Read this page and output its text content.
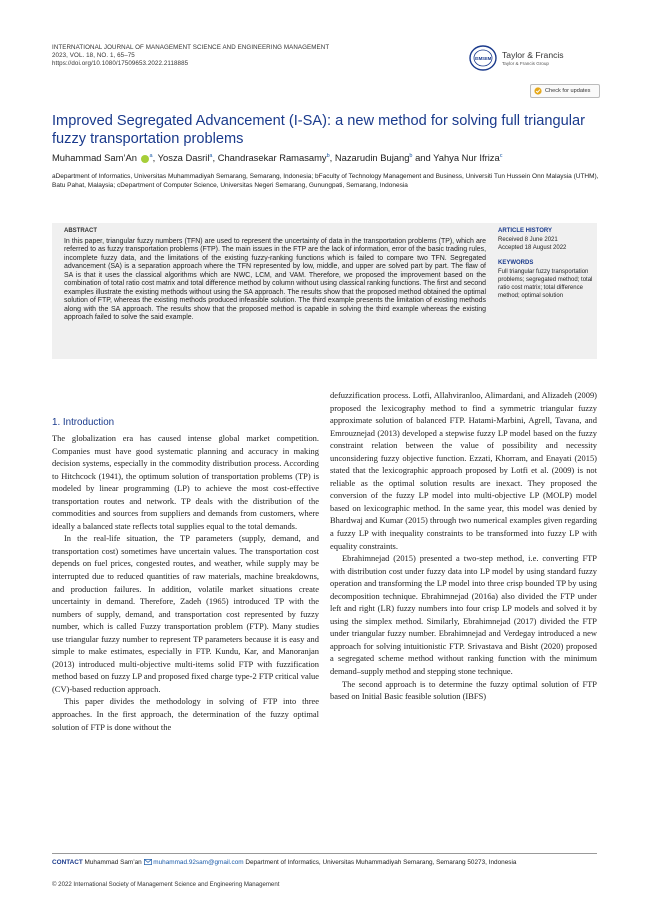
INTERNATIONAL JOURNAL OF MANAGEMENT SCIENCE AND ENGINEERING MANAGEMENT
2023, VOL. 18, NO. 1, 65–75
https://doi.org/10.1080/17509653.2022.2118885
ISMSEM Taylor & Francis
Taylor & Francis Group
Check for updates
Improved Segregated Advancement (I-SA): a new method for solving full triangular fuzzy transportation problems
Muhammad Sam’An $^a$, Yosza Dasril$^a$, Chandrasekar Ramasamy$^b$, Nazarudin Bujang$^b$ and Yahya Nur Ifriza$^c$
aDepartment of Informatics, Universitas Muhammadiyah Semarang, Semarang, Indonesia; bFaculty of Technology Management and Business, Universiti Tun Hussein Onn Malaysia (UTHM), Batu Pahat, Malaysia; cDepartment of Computer Science, Universitas Negeri Semarang, Gunungpati, Semarang, Indonesia
ABSTRACT
In this paper, triangular fuzzy numbers (TFN) are used to represent the uncertainty of data in the transportation problems (TP), which are referred to as fuzzy transportation problems (FTP). The main issues in the FTP are the lack of information, error of the basic trading rules, incomplete fuzzy data, and the limitations of the existing fuzzy-ranking functions which is failed to compare two TFN. Segregated advancement (SA) is a separation approach where the TFN represented by low, middle, and upper are solved part by part. The flaw of SA is that it uses the classical algorithms which are NWC, LCM, and VAM. Therefore, we proposed the improvement based on the combination of total ratio cost matrix and total difference method by column without using classical ranking functions. The first and second examples illustrate the existing methods without using the SA approach. The results show that the proposed method obtained the optimal solution of FTP, whereas the existing methods produced infeasible solution. The third example presents the limitation of existing methods along with the SA approach. The results show that the proposed method is capable in solving the third example whereas the existing approach failed to solve the said example.
ARTICLE HISTORY
Received 8 June 2021
Accepted 18 August 2022
KEYWORDS
Full triangular fuzzy transportation problems; segregated method; total ratio cost matrix; total difference method; optimal solution
1. Introduction

The globalization era has caused intense global market competition. Companies must have good systematic planning and accuracy in making decision systems, especially in the commodity distribution process. According to Hitchcock (1941), the optimum solution of transportation problems (TP) is modeled by linear programming (LP) to achieve the most cost-effective transportation routes and network. TP deals with the distribution of the commodities and sources from suppliers and demands from customers, where ideally a balanced state reflects total supplies equal to the total demands.

In the real-life situation, the TP parameters (supply, demand, and transportation cost) sometimes have uncertain values. The transportation cost depends on fuel prices, congested routes, and weather, while supply may be interrupted due to reduced quantities of raw materials, machine breakdowns, and production failures. In addition, volatile market situations create uncertainty in demand. Therefore, Zadeh (1965) introduced TP with the numbers of supply, demand, and transportation cost represented by fuzzy number, which is called Fuzzy transportation problem (FTP). Many studies use triangular fuzzy number to represent TP parameters because it is easy and simple to make estimates, especially in FTP. Kundu, Kar, and Manoranjan (2013) introduced multi-objective multi-items solid FTP with fuzzification method based on fuzzy LP and proposed fixed charge type-2 FTP critical value (CV)-based reduction approach.

This paper divides the methodology in solving of FTP into three approaches. In the first approach, the determination of the fuzzy optimal solution of FTP is done without the

defuzzification process. Lotfi, Allahviranloo, Alimardani, and Alizadeh (2009) proposed the lexicography method to find a symmetric triangular fuzzy approximate solution of balanced FTP. Hatami-Marbini, Agrell, Tavana, and Emrouznejad (2013) developed a stepwise fuzzy LP model based on the fuzzy constraint relation between the value of possibility and necessity unconsidering fuzzy objective function. Ezzati, Khorram, and Enayati (2015) stated that the lexicographic approach proposed by Lotfi et al. (2009) is not reliable as the optimal solution results are inexact. They proposed the conversion of the fuzzy LP model into multi-objective LP (MOLP) model based on lexicographic method. In the same year, this model was denied by Bhardwaj and Kumar (2015) through two numerical examples given regarding a fuzzy LP with inequality constraints to be transformed into fuzzy LP with equality constraints.

Ebrahimnejad (2015) presented a two-step method, i.e. converting FTP with distribution cost under fuzzy data into LP model by using standard fuzzy operation and transforming the LP model into three crisp bounded TP by using decomposition technique. Ebrahimnejad (2016a) also divided the FTP under left and right (LR) fuzzy numbers into four crisp LP models and solved it by using the simplex method. Similarly, Ebrahimnejad (2017) divided the FTP under triangular fuzzy number. Ebrahimnejad and Verdegay introduced a new approach for solving intuitionistic FTP. Srivastava and Bisht (2020) proposed a segregated scheme method without ranking function with the minimum demand–supply method and stepping stone technique.

The second approach is to determine the fuzzy optimal solution of FTP based on Initial Basic feasible solution (IBFS)

CONTACT Muhammad Sam’an muhammad.92sam@gmail.com Department of Informatics, Universitas Muhammadiyah Semarang, Semarang 50273, Indonesia
© 2022 International Society of Management Science and Engineering Management
